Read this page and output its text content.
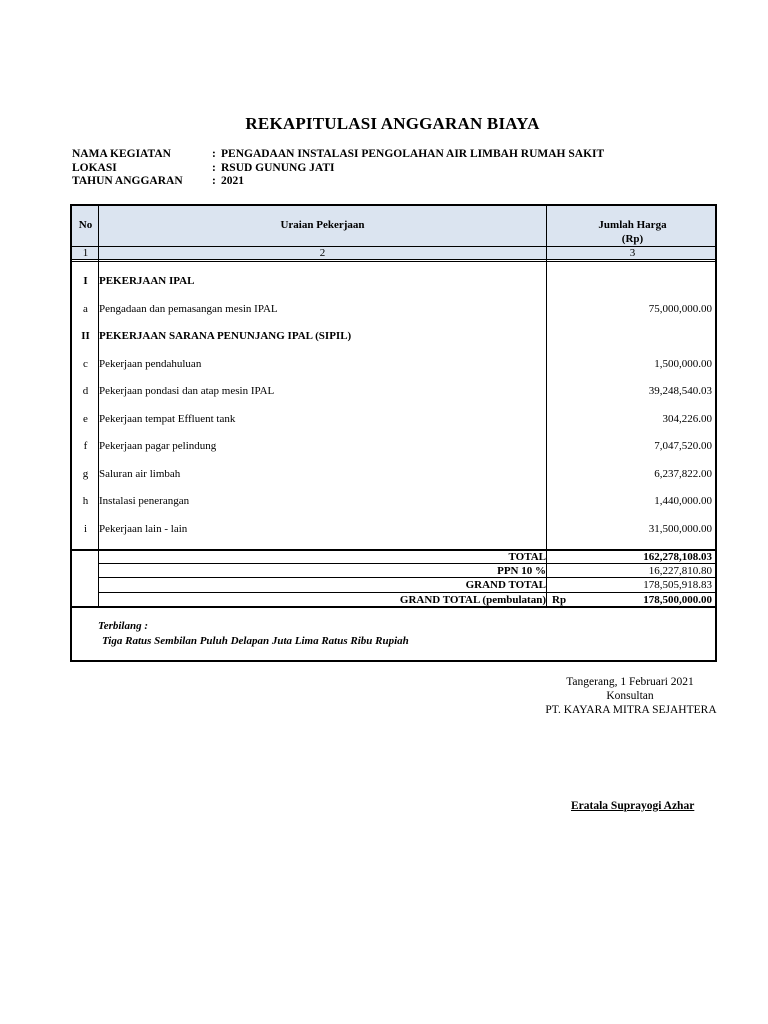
REKAPITULASI ANGGARAN BIAYA
NAMA KEGIATAN	: PENGADAAN INSTALASI PENGOLAHAN AIR LIMBAH RUMAH SAKIT
LOKASI	: RSUD GUNUNG JATI
TAHUN ANGGARAN	: 2021
No	Uraian Pekerjaan	Jumlah Harga
(Rp)
1	2	3
I	PEKERJAAN IPAL
a	Pengadaan dan pemasangan mesin IPAL	75,000,000.00
II PEKERJAAN SARANA PENUNJANG IPAL (SIPIL)
c	Pekerjaan pendahuluan	1,500,000.00
d Pekerjaan pondasi dan atap mesin IPAL	39,248,540.03
e	Pekerjaan tempat Effluent tank	304,226.00
f	Pekerjaan pagar pelindung	7,047,520.00
g Saluran air limbah	6,237,822.00
h Instalasi penerangan	1,440,000.00
i	Pekerjaan lain - lain	31,500,000.00
TOTAL	162,278,108.03
PPN 10 %	16,227,810.80
GRAND TOTAL	178,505,918.83
GRAND TOTAL (pembulatan) Rp	178,500,000.00
Terbilang :
Tiga Ratus Sembilan Puluh Delapan Juta Lima Ratus Ribu Rupiah
Tangerang, 1 Februari 2021
Konsultan
PT. KAYARA MITRA SEJAHTERA
Eratala Suprayogi Azhar
